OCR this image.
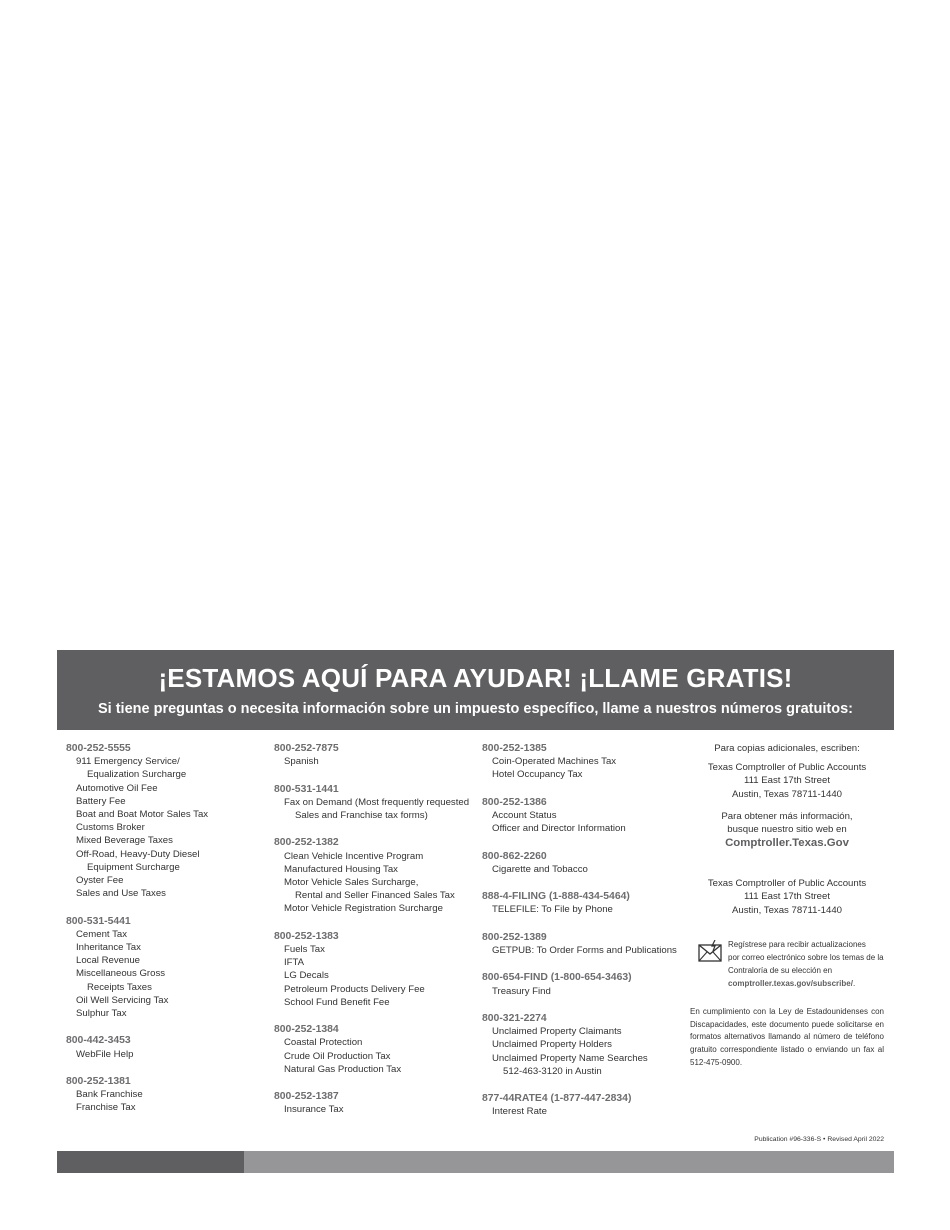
¡ESTAMOS AQUÍ PARA AYUDAR! ¡LLAME GRATIS!
Si tiene preguntas o necesita información sobre un impuesto específico, llame a nuestros números gratuitos:
800-252-5555
911 Emergency Service/
Equalization Surcharge
Automotive Oil Fee
Battery Fee
Boat and Boat Motor Sales Tax
Customs Broker
Mixed Beverage Taxes
Off-Road, Heavy-Duty Diesel
Equipment Surcharge
Oyster Fee
Sales and Use Taxes
800-531-5441
Cement Tax
Inheritance Tax
Local Revenue
Miscellaneous Gross
Receipts Taxes
Oil Well Servicing Tax
Sulphur Tax
800-442-3453
WebFile Help
800-252-1381
Bank Franchise
Franchise Tax
800-252-7875
Spanish
800-531-1441
Fax on Demand (Most frequently requested
Sales and Franchise tax forms)
800-252-1382
Clean Vehicle Incentive Program
Manufactured Housing Tax
Motor Vehicle Sales Surcharge,
Rental and Seller Financed Sales Tax
Motor Vehicle Registration Surcharge
800-252-1383
Fuels Tax
IFTA
LG Decals
Petroleum Products Delivery Fee
School Fund Benefit Fee
800-252-1384
Coastal Protection
Crude Oil Production Tax
Natural Gas Production Tax
800-252-1387
Insurance Tax
800-252-1385
Coin-Operated Machines Tax
Hotel Occupancy Tax
800-252-1386
Account Status
Officer and Director Information
800-862-2260
Cigarette and Tobacco
888-4-FILING (1-888-434-5464)
TELEFILE: To File by Phone
800-252-1389
GETPUB: To Order Forms and Publications
800-654-FIND (1-800-654-3463)
Treasury Find
800-321-2274
Unclaimed Property Claimants
Unclaimed Property Holders
Unclaimed Property Name Searches
512-463-3120 in Austin
877-44RATE4 (1-877-447-2834)
Interest Rate
Para copias adicionales, escriben:
Texas Comptroller of Public Accounts
111 East 17th Street
Austin, Texas 78711-1440
Para obtener más información,
busque nuestro sitio web en
Comptroller.Texas.Gov
Texas Comptroller of Public Accounts
111 East 17th Street
Austin, Texas 78711-1440
Regístrese para recibir actualizaciones
por correo electrónico sobre los temas de la
Contraloría de su elección en
comptroller.texas.gov/subscribe/.
En cumplimiento con la Ley de Estadounidenses con Discapacidades, este documento puede solicitarse en formatos alternativos llamando al número de teléfono gratuito correspondiente listado o enviando un fax al 512-475-0900.
Publication #96-336-S • Revised April 2022
